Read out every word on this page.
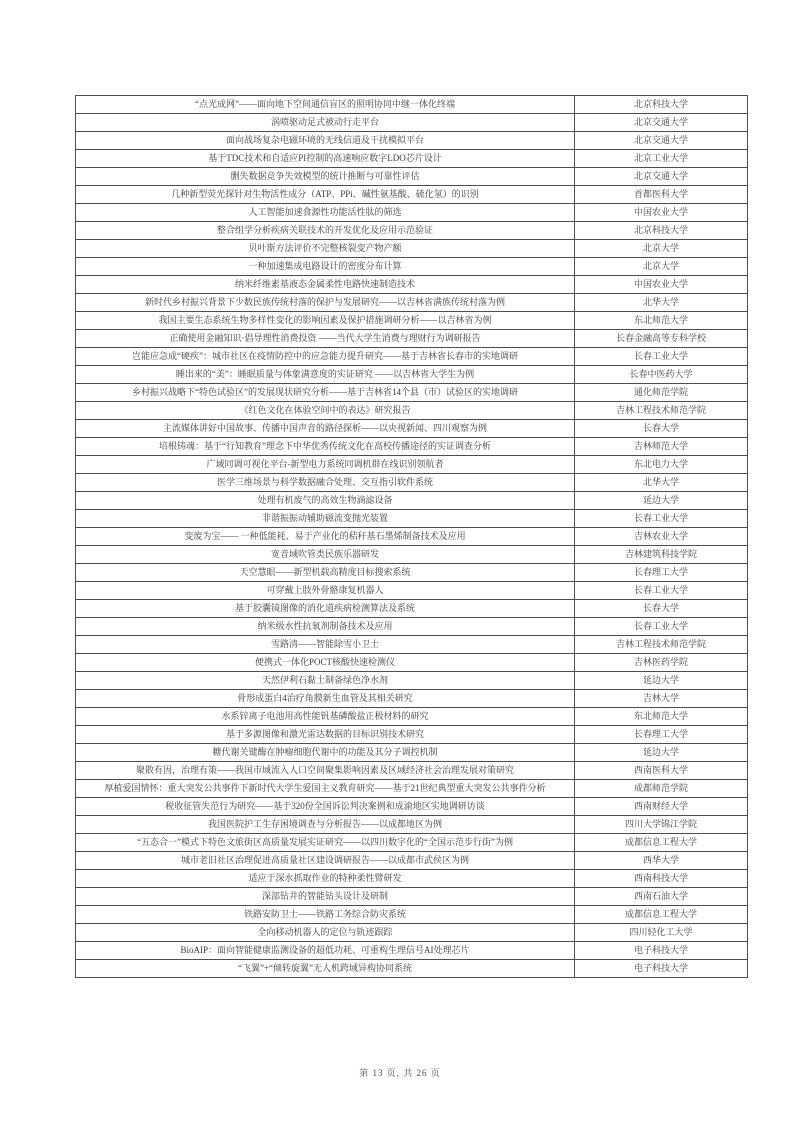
“点光成网”——面向地下空间通信盲区的照明协同中继一体化终端	北京科技大学
涡喷驱动足式被动行走平台	北京交通大学
面向战场复杂电磁环境的无线信道及干扰模拟平台	北京交通大学
基于TDC技术和自适应PI控制的高速响应数字LDO芯片设计	北京工业大学
删失数据竞争失效模型的统计推断与可靠性评估	北京交通大学
几种新型荧光探针对生物活性成分（ATP、PPi、碱性氨基酸、硫化氢）的识别	首都医科大学
人工智能加速食源性功能活性肽的筛选	中国农业大学
整合组学分析疾病关联技术的开发优化及应用示范验证	北京科技大学
贝叶斯方法评价不完整核裂变产物产额	北京大学
一种加速集成电路设计的密度分布计算	北京大学
纳米纤维素基液态金属柔性电路快速制造技术	中国农业大学
新时代乡村振兴背景下少数民族传统村落的保护与发展研究——以吉林省满族传统村落为例	北华大学
我国主要生态系统生物多样性变化的影响因素及保护措施调研分析——以吉林省为例	东北师范大学
正确使用金融知识·倡导理性消费投资 ——当代大学生消费与理财行为调研报告	长春金融高等专科学校
岂能应急成“硬疾”：城市社区在疫情防控中的应急能力提升研究——基于吉林省长春市的实地调研	长春工业大学
睡出来的“美”：睡眠质量与体象满意度的实证研究 ——以吉林省大学生为例	长春中医药大学
乡村振兴战略下“特色试验区”的发展现状研究分析——基于吉林省14个县（市）试验区的实地调研	通化师范学院
《红色文化在体验空间中的表达》研究报告	吉林工程技术师范学院
主流媒体讲好中国故事、传播中国声音的路径探析——以央视新闻、四川观察为例	长春大学
培根铸魂：基于“行知教育”理念下中华优秀传统文化在高校传播途径的实证调查分析	吉林师范大学
广域同调可视化平台-新型电力系统同调机群在线识别领航者	东北电力大学
医学三维场景与科学数据融合处理、交互指引软件系统	北华大学
处理有机废气的高效生物滴滤设备	延边大学
非谐振振动辅助磁流变抛光装置	长春工业大学
变废为宝—— 一种低能耗、易于产业化的秸秆基石墨烯制备技术及应用	吉林农业大学
宽音域吹管类民族乐器研发	吉林建筑科技学院
天空慧眼——新型机载高精度目标搜索系统	长春理工大学
可穿戴上肢外骨骼康复机器人	长春工业大学
基于胶囊镜图像的消化道疾病检测算法及系统	长春大学
纳米级水性抗氧剂制备技术及应用	长春工业大学
雪路清——智能除雪小卫士	吉林工程技术师范学院
便携式一体化POCT核酸快速检测仪	吉林医药学院
天然伊利石黏土制备绿色净水剂	延边大学
骨形成蛋白4治疗角膜新生血管及其相关研究	吉林大学
水系锌离子电池用高性能钒基磷酸盐正极材料的研究	东北师范大学
基于多源图像和激光雷达数据的目标识别技术研究	长春理工大学
糖代谢关键酶在肿瘤细胞代谢中的功能及其分子调控机制	延边大学
聚散有因，治理有策——我国市域流入人口空间聚集影响因素及区域经济社会治理发展对策研究	西南医科大学
厚植爱国情怀：重大突发公共事件下新时代大学生爱国主义教育研究——基于21世纪典型重大突发公共事件分析	成都师范学院
税收征管失范行为研究——基于320份全国诉讼判决案例和成渝地区实地调研访谈	西南财经大学
我国医院护工生存困境调查与分析报告——以成都地区为例	四川大学锦江学院
“五态合一”模式下特色文旅街区高质量发展实证研究——以四川数字化的“全国示范步行街”为例	成都信息工程大学
城市老旧社区治理促进高质量社区建设调研报告——以成都市武侯区为例	西华大学
适应于深水抓取作业的特种柔性臂研发	西南科技大学
深部钻井的智能钻头设计及研制	西南石油大学
铁路安防卫士——铁路工务综合防灾系统	成都信息工程大学
全向移动机器人的定位与轨迹跟踪	四川轻化工大学
BioAIP：面向智能健康监测设备的超低功耗、可重构生理信号AI处理芯片	电子科技大学
“飞翼”+“倾转旋翼”无人机跨域异构协同系统	电子科技大学
第 13 页, 共 26 页
